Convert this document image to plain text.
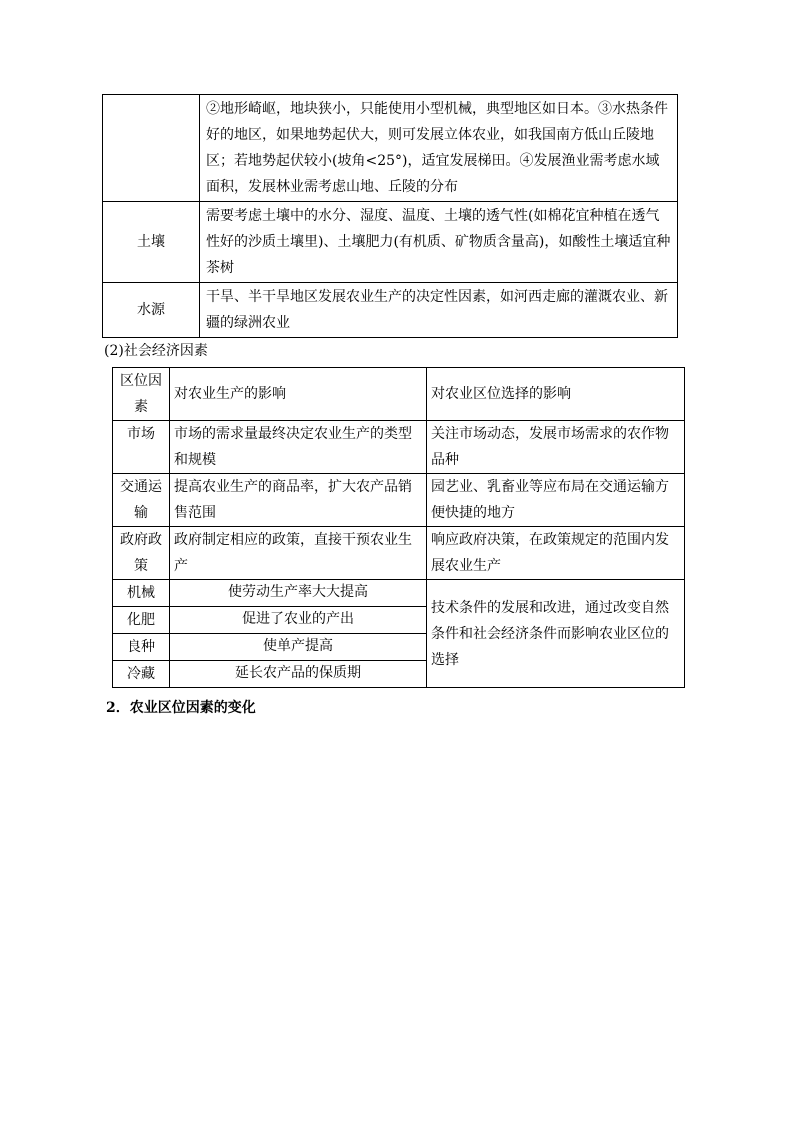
	②地形崎岖，地块狭小，只能使用小型机械，典型地区如日本。③水热条件好的地区，如果地势起伏大，则可发展立体农业，如我国南方低山丘陵地区；若地势起伏较小(坡角<25°)，适宜发展梯田。④发展渔业需考虑水域面积，发展林业需考虑山地、丘陵的分布
土壤	需要考虑土壤中的水分、湿度、温度、土壤的透气性(如棉花宜种植在透气性好的沙质土壤里)、土壤肥力(有机质、矿物质含量高)，如酸性土壤适宜种茶树
水源	干旱、半干旱地区发展农业生产的决定性因素，如河西走廊的灌溉农业、新疆的绿洲农业
(2)社会经济因素
区位因素	对农业生产的影响	对农业区位选择的影响
市场	市场的需求量最终决定农业生产的类型和规模	关注市场动态，发展市场需求的农作物品种
交通运输	提高农业生产的商品率，扩大农产品销售范围	园艺业、乳畜业等应布局在交通运输方便快捷的地方
政府政策	政府制定相应的政策，直接干预农业生产	响应政府决策，在政策规定的范围内发展农业生产
机械	使劳动生产率大大提高	技术条件的发展和改进，通过改变自然条件和社会经济条件而影响农业区位的选择
化肥	促进了农业的产出	
良种	使单产提高	
冷藏	延长农产品的保质期	
2．农业区位因素的变化
